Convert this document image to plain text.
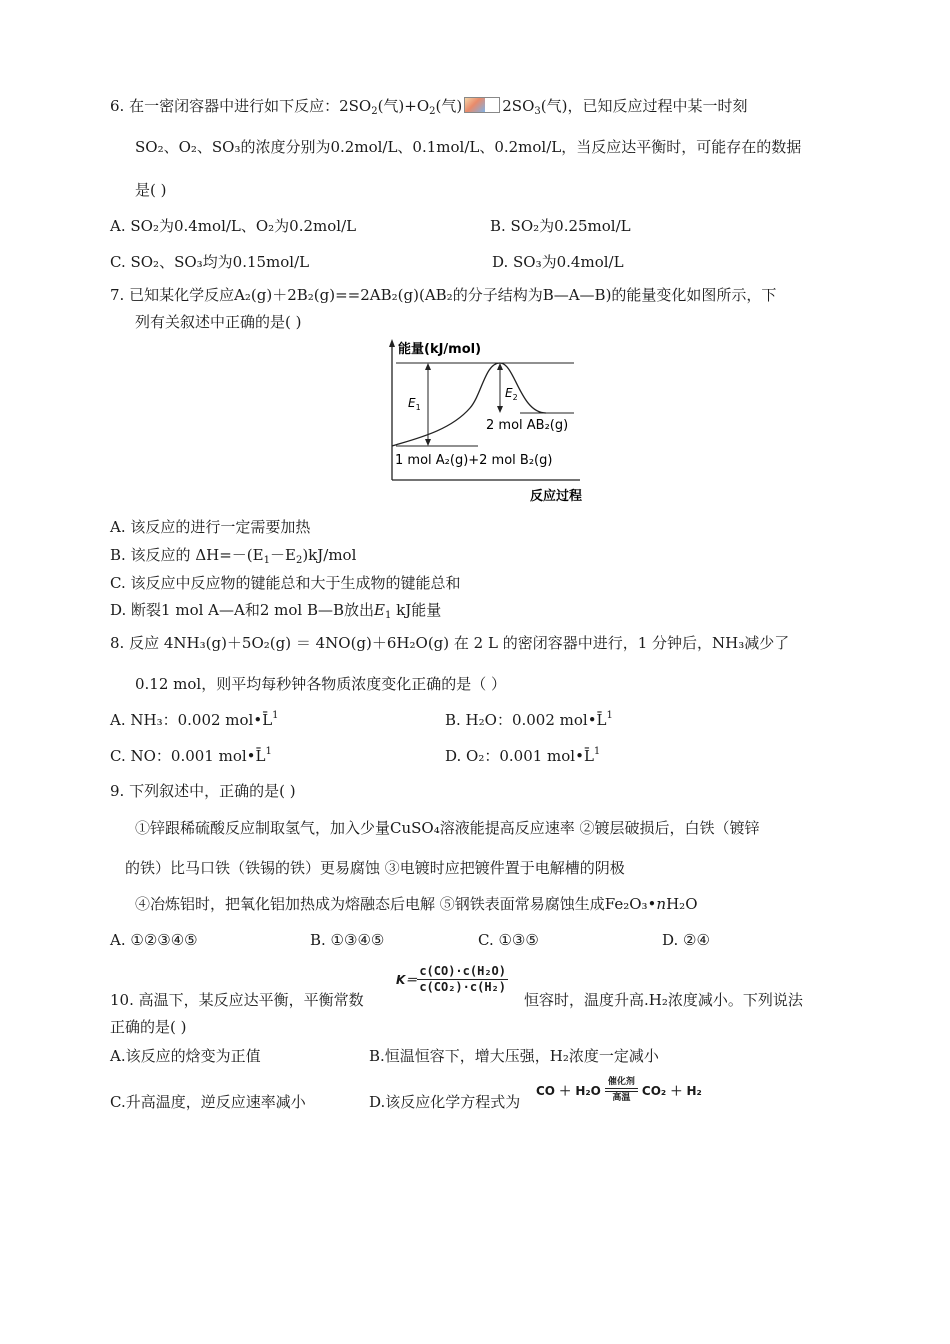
6. 在一密闭容器中进行如下反应：$2SO_2$(气)$+O_2$(气)	$2SO_3$(气)，已知反应过程中某一时刻
SO₂、O₂、SO₃的浓度分别为0.2mol/L、0.1mol/L、0.2mol/L，当反应达平衡时，可能存在的数据
是( )
A. SO₂为0.4mol/L、O₂为0.2mol/L	B. SO₂为0.25mol/L
C. SO₂、SO₃均为0.15mol/L	D. SO₃为0.4mol/L
7. 已知某化学反应A₂(g)＋2B₂(g)==2AB₂(g)(AB₂的分子结构为B—A—B)的能量变化如图所示，下
列有关叙述中正确的是( )
能量(kJ/mol)
$E_1$
$E_2$
2 mol AB₂(g)
1 mol A₂(g)+2 mol B₂(g)
反应过程
A. 该反应的进行一定需要加热
B. 该反应的 $\Delta H=-(E_1-E_2)kJ$/mol
C. 该反应中反应物的键能总和大于生成物的键能总和
D. 断裂1 mol A—A和2 mol B—B放出$E_1$ kJ能量
8. 反应 4NH₃(g)＋5O₂(g) ＝ 4NO(g)＋6H₂O(g) 在 2 L 的密闭容器中进行，1 分钟后，NH₃减少了
0.12 mol，则平均每秒钟各物质浓度变化正确的是（ ）
A. NH₃：0.002 mol•L̄$^1$	B. H₂O：0.002 mol•L̄$^1$
C. NO：0.001 mol•L̄$^1$	D. O₂：0.001 mol•L̄$^1$
9. 下列叙述中，正确的是( )
①锌跟稀硫酸反应制取氢气，加入少量CuSO₄溶液能提高反应速率 ②镀层破损后，白铁（镀锌
的铁）比马口铁（铁锡的铁）更易腐蚀 ③电镀时应把镀件置于电解槽的阴极
④冶炼铝时，把氧化铝加热成为熔融态后电解 ⑤钢铁表面常易腐蚀生成Fe₂O₃•nH₂O
A. ①②③④⑤	B. ①③④⑤	C. ①③⑤	D. ②④
10. 高温下，某反应达平衡，平衡常数
$K= \frac{\text{c(CO)·c(H₂O)}}{\text{c(CO₂)·c(H₂)}}$
恒容时，温度升高.H₂浓度减小。下列说法
正确的是( )
A.该反应的焓变为正值	B.恒温恒容下，增大压强，H₂浓度一定减小
C.升高温度，逆反应速率减小	D.该反应化学方程式为
CO ＋ H₂O
催化剂
高温 CO₂ ＋ H₂
